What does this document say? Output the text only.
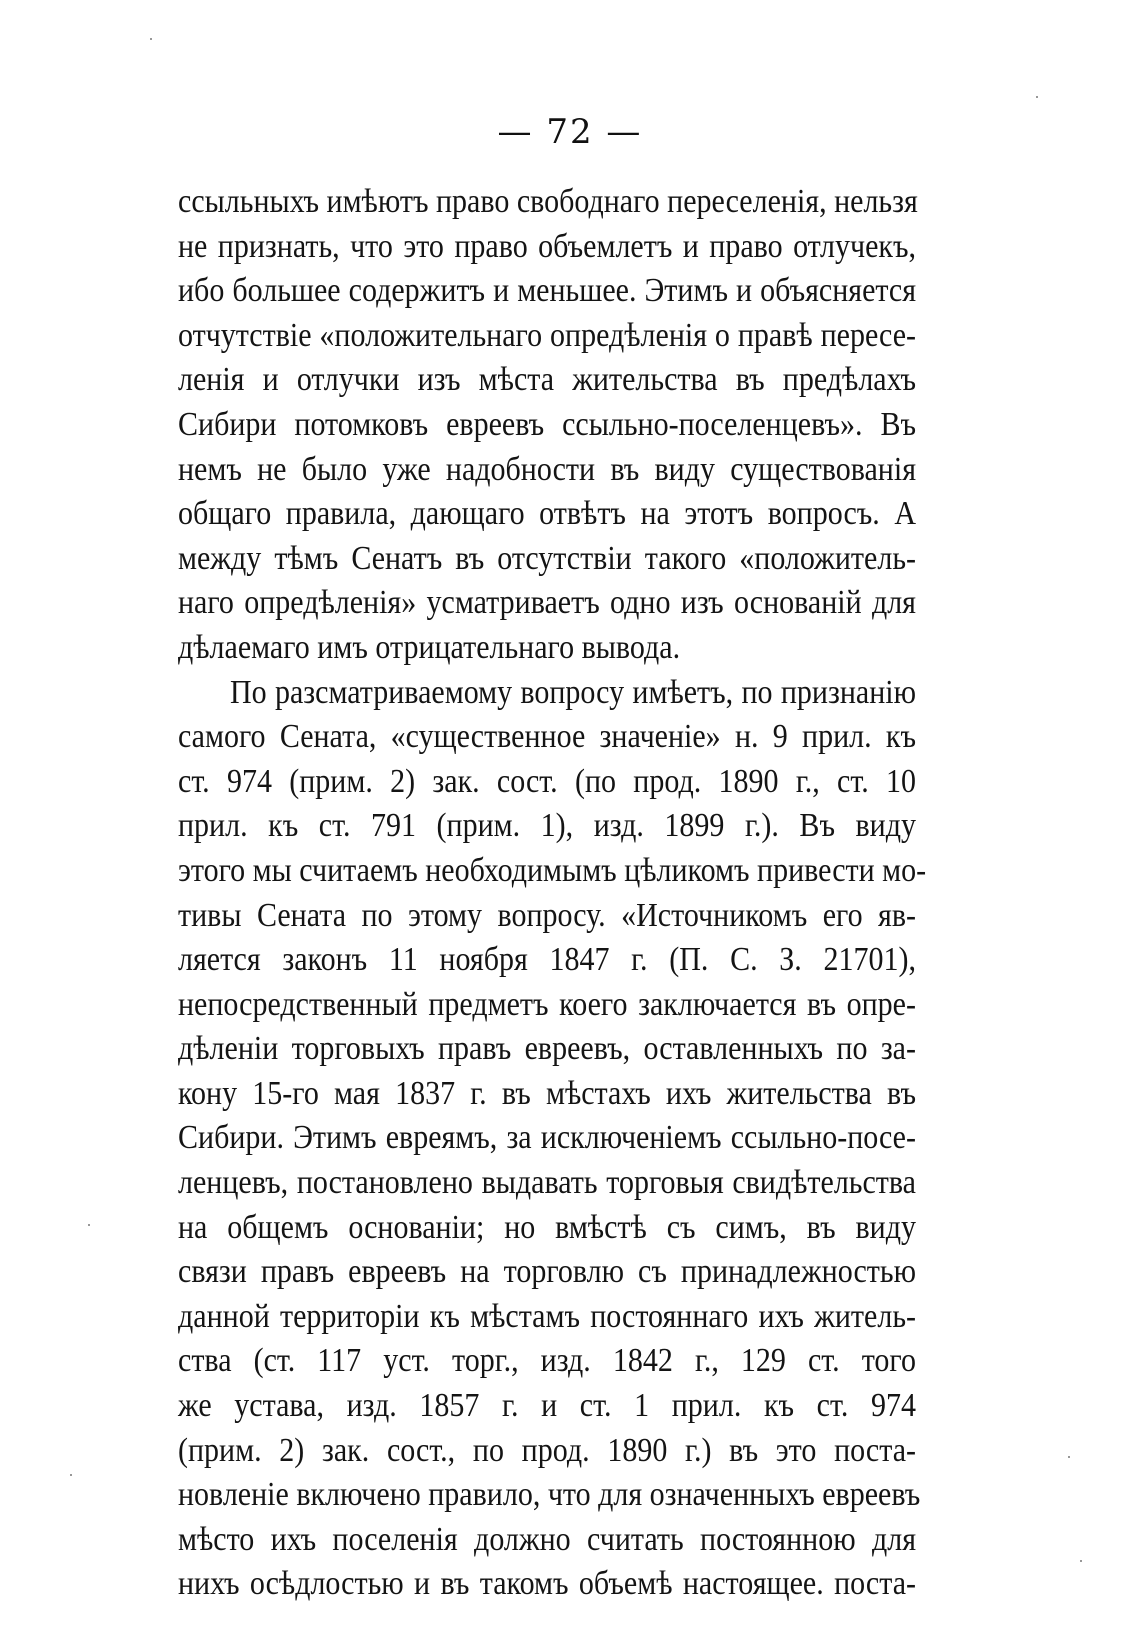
— 72 —
ссыльныхъ имѣютъ право свободнаго переселенія, нельзя
не признать, что это право объемлетъ и право отлучекъ,
ибо большее содержитъ и меньшее. Этимъ и объясняется
отчутствіе «положительнаго опредѣленія о правѣ пересе-
ленія и отлучки изъ мѣста жительства въ предѣлахъ
Сибири потомковъ евреевъ ссыльно-поселенцевъ». Въ
немъ не было уже надобности въ виду существованія
общаго правила, дающаго отвѣтъ на этотъ вопросъ. А
между тѣмъ Сенатъ въ отсутствіи такого «положитель-
наго опредѣленія» усматриваетъ одно изъ основаній для
дѣлаемаго имъ отрицательнаго вывода.
По разсматриваемому вопросу имѣетъ, по признанію
самого Сената, «существенное значеніе» н. 9 прил. къ
ст. 974 (прим. 2) зак. сост. (по прод. 1890 г., ст. 10
прил. къ ст. 791 (прим. 1), изд. 1899 г.). Въ виду
этого мы считаемъ необходимымъ цѣликомъ привести мо-
тивы Сената по этому вопросу. «Источникомъ его яв-
ляется законъ 11 ноября 1847 г. (П. С. З. 21701),
непосредственный предметъ коего заключается въ опре-
дѣленіи торговыхъ правъ евреевъ, оставленныхъ по за-
кону 15-го мая 1837 г. въ мѣстахъ ихъ жительства въ
Сибири. Этимъ евреямъ, за исключеніемъ ссыльно-посе-
ленцевъ, постановлено выдавать торговыя свидѣтельства
на общемъ основаніи; но вмѣстѣ съ симъ, въ виду
связи правъ евреевъ на торговлю съ принадлежностью
данной территоріи къ мѣстамъ постояннаго ихъ житель-
ства (ст. 117 уст. торг., изд. 1842 г., 129 ст. того
же устава, изд. 1857 г. и ст. 1 прил. къ ст. 974
(прим. 2) зак. сост., по прод. 1890 г.) въ это поста-
новленіе включено правило, что для означенныхъ евреевъ
мѣсто ихъ поселенія должно считать постоянною для
нихъ осѣдлостью и въ такомъ объемѣ настоящее. поста-
